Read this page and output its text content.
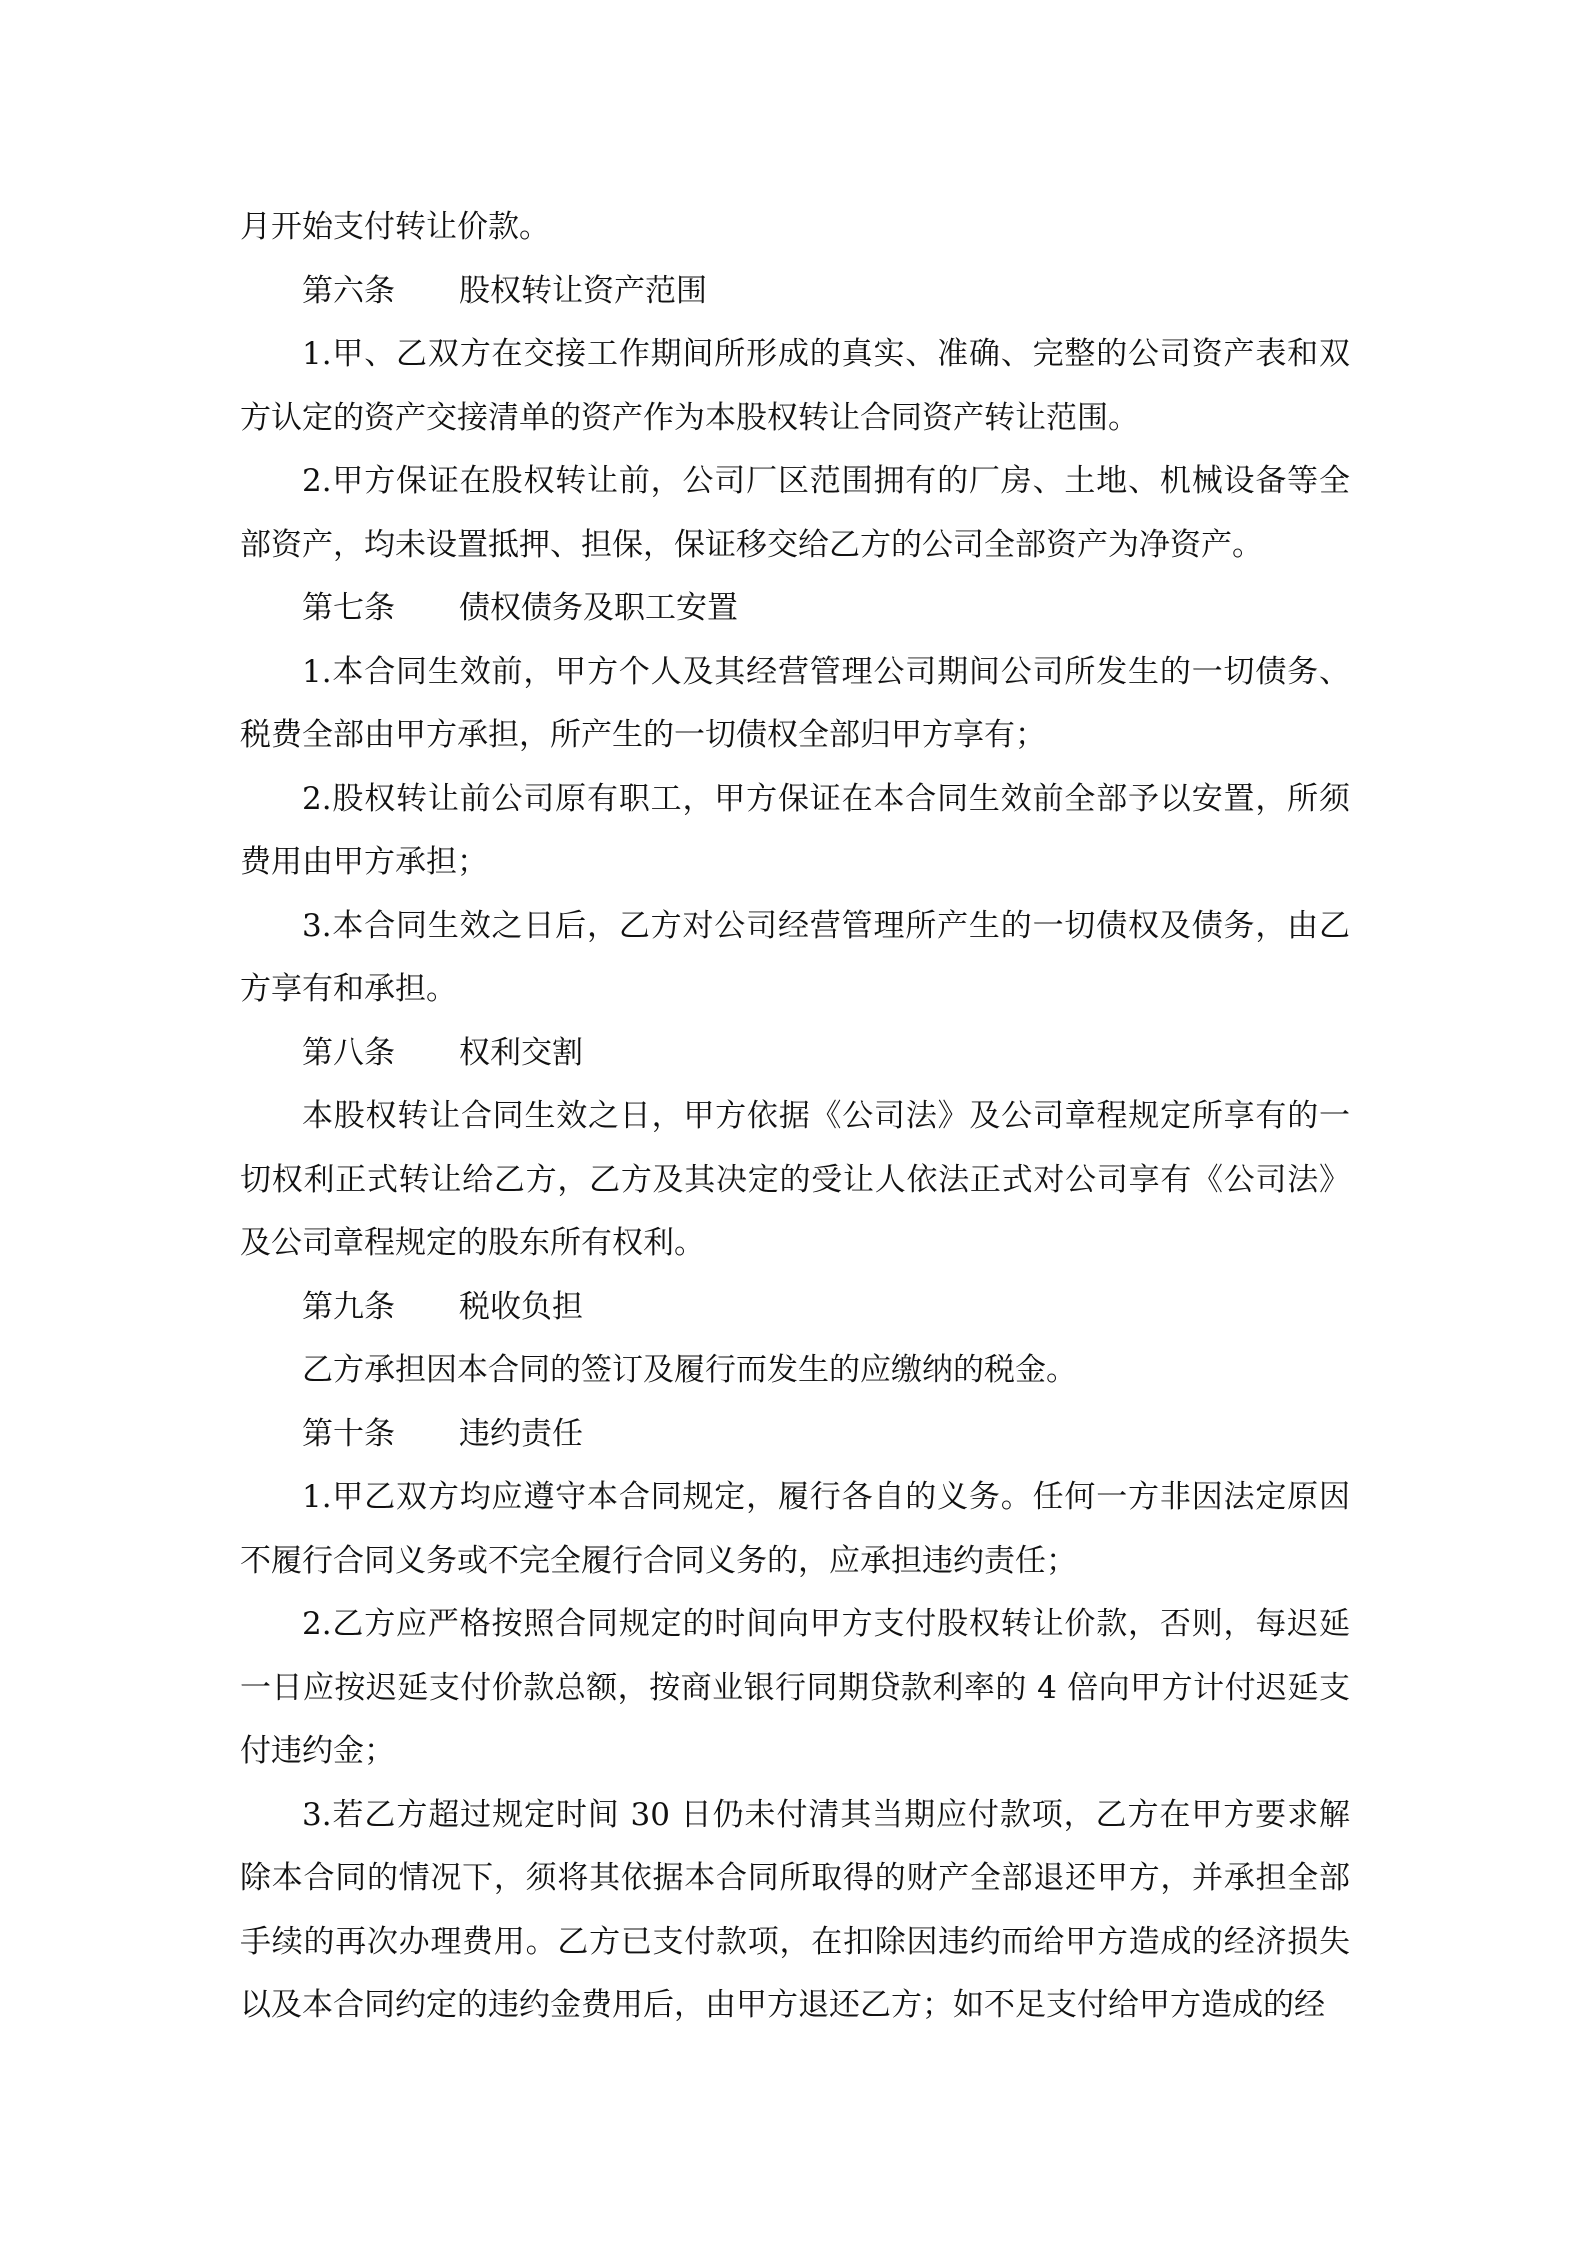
月开始支付转让价款。

第六条 股权转让资产范围

1.甲、乙双方在交接工作期间所形成的真实、准确、完整的公司资产表和双方认定的资产交接清单的资产作为本股权转让合同资产转让范围。

2.甲方保证在股权转让前，公司厂区范围拥有的厂房、土地、机械设备等全部资产，均未设置抵押、担保，保证移交给乙方的公司全部资产为净资产。

第七条 债权债务及职工安置

1.本合同生效前，甲方个人及其经营管理公司期间公司所发生的一切债务、税费全部由甲方承担，所产生的一切债权全部归甲方享有；

2.股权转让前公司原有职工，甲方保证在本合同生效前全部予以安置，所须费用由甲方承担；

3.本合同生效之日后，乙方对公司经营管理所产生的一切债权及债务，由乙方享有和承担。

第八条 权利交割

本股权转让合同生效之日，甲方依据《公司法》及公司章程规定所享有的一切权利正式转让给乙方，乙方及其决定的受让人依法正式对公司享有《公司法》及公司章程规定的股东所有权利。

第九条 税收负担

乙方承担因本合同的签订及履行而发生的应缴纳的税金。

第十条 违约责任

1.甲乙双方均应遵守本合同规定，履行各自的义务。任何一方非因法定原因不履行合同义务或不完全履行合同义务的，应承担违约责任；

2.乙方应严格按照合同规定的时间向甲方支付股权转让价款，否则，每迟延一日应按迟延支付价款总额，按商业银行同期贷款利率的 4 倍向甲方计付迟延支付违约金；

3.若乙方超过规定时间 30 日仍未付清其当期应付款项，乙方在甲方要求解除本合同的情况下，须将其依据本合同所取得的财产全部退还甲方，并承担全部手续的再次办理费用。乙方已支付款项，在扣除因违约而给甲方造成的经济损失以及本合同约定的违约金费用后，由甲方退还乙方；如不足支付给甲方造成的经
